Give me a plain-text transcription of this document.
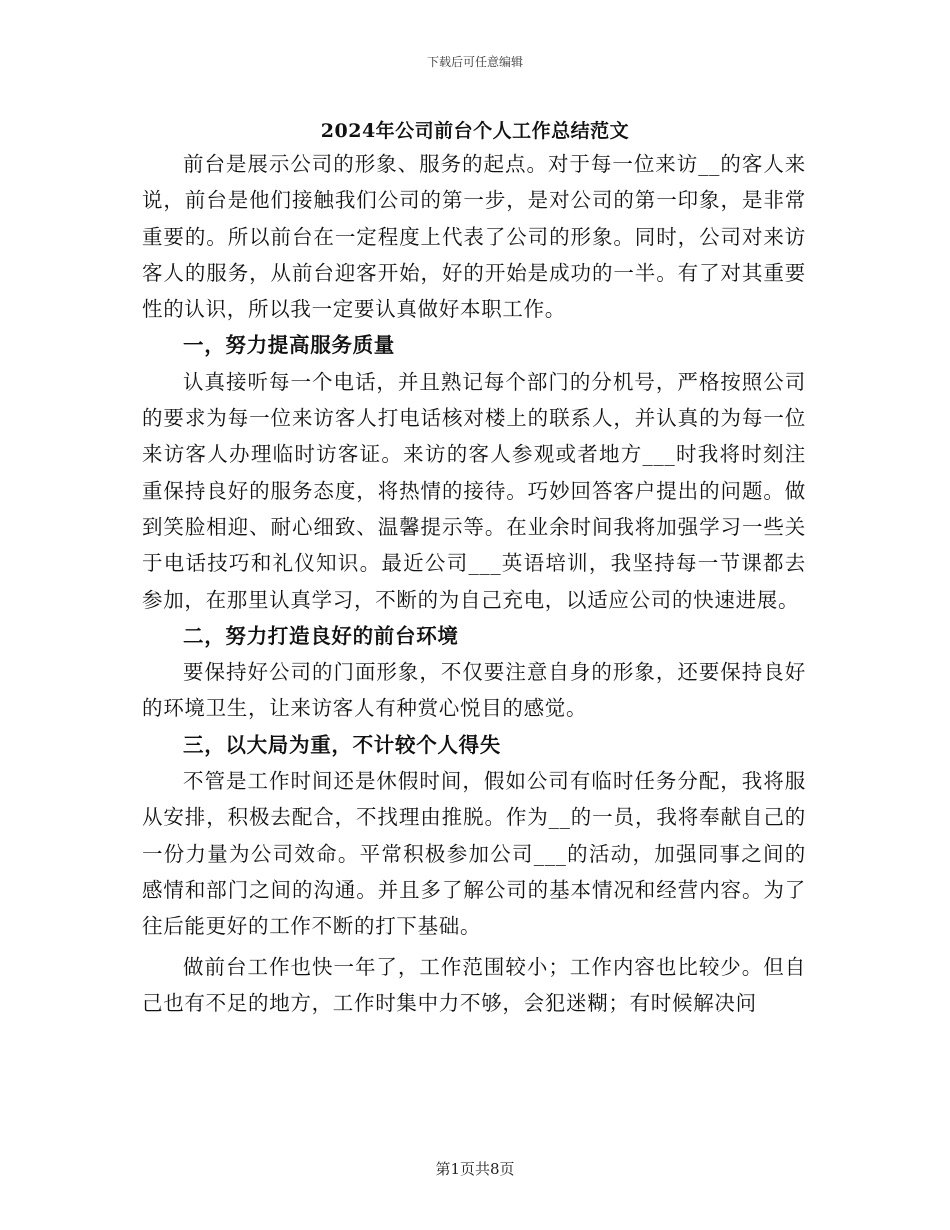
下载后可任意编辑
2024年公司前台个人工作总结范文

前台是展示公司的形象、服务的起点。对于每一位来访__的客人来说，前台是他们接触我们公司的第一步，是对公司的第一印象，是非常重要的。所以前台在一定程度上代表了公司的形象。同时，公司对来访客人的服务，从前台迎客开始，好的开始是成功的一半。有了对其重要性的认识，所以我一定要认真做好本职工作。

一，努力提高服务质量

认真接听每一个电话，并且熟记每个部门的分机号，严格按照公司的要求为每一位来访客人打电话核对楼上的联系人，并认真的为每一位来访客人办理临时访客证。来访的客人参观或者地方___时我将时刻注重保持良好的服务态度，将热情的接待。巧妙回答客户提出的问题。做到笑脸相迎、耐心细致、温馨提示等。在业余时间我将加强学习一些关于电话技巧和礼仪知识。最近公司___英语培训，我坚持每一节课都去参加，在那里认真学习，不断的为自己充电，以适应公司的快速进展。

二，努力打造良好的前台环境

要保持好公司的门面形象，不仅要注意自身的形象，还要保持良好的环境卫生，让来访客人有种赏心悦目的感觉。

三，以大局为重，不计较个人得失

不管是工作时间还是休假时间，假如公司有临时任务分配，我将服从安排，积极去配合，不找理由推脱。作为__的一员，我将奉献自己的一份力量为公司效命。平常积极参加公司___的活动，加强同事之间的感情和部门之间的沟通。并且多了解公司的基本情况和经营内容。为了往后能更好的工作不断的打下基础。

做前台工作也快一年了，工作范围较小；工作内容也比较少。但自己也有不足的地方，工作时集中力不够，会犯迷糊；有时候解决问

第1页共8页
